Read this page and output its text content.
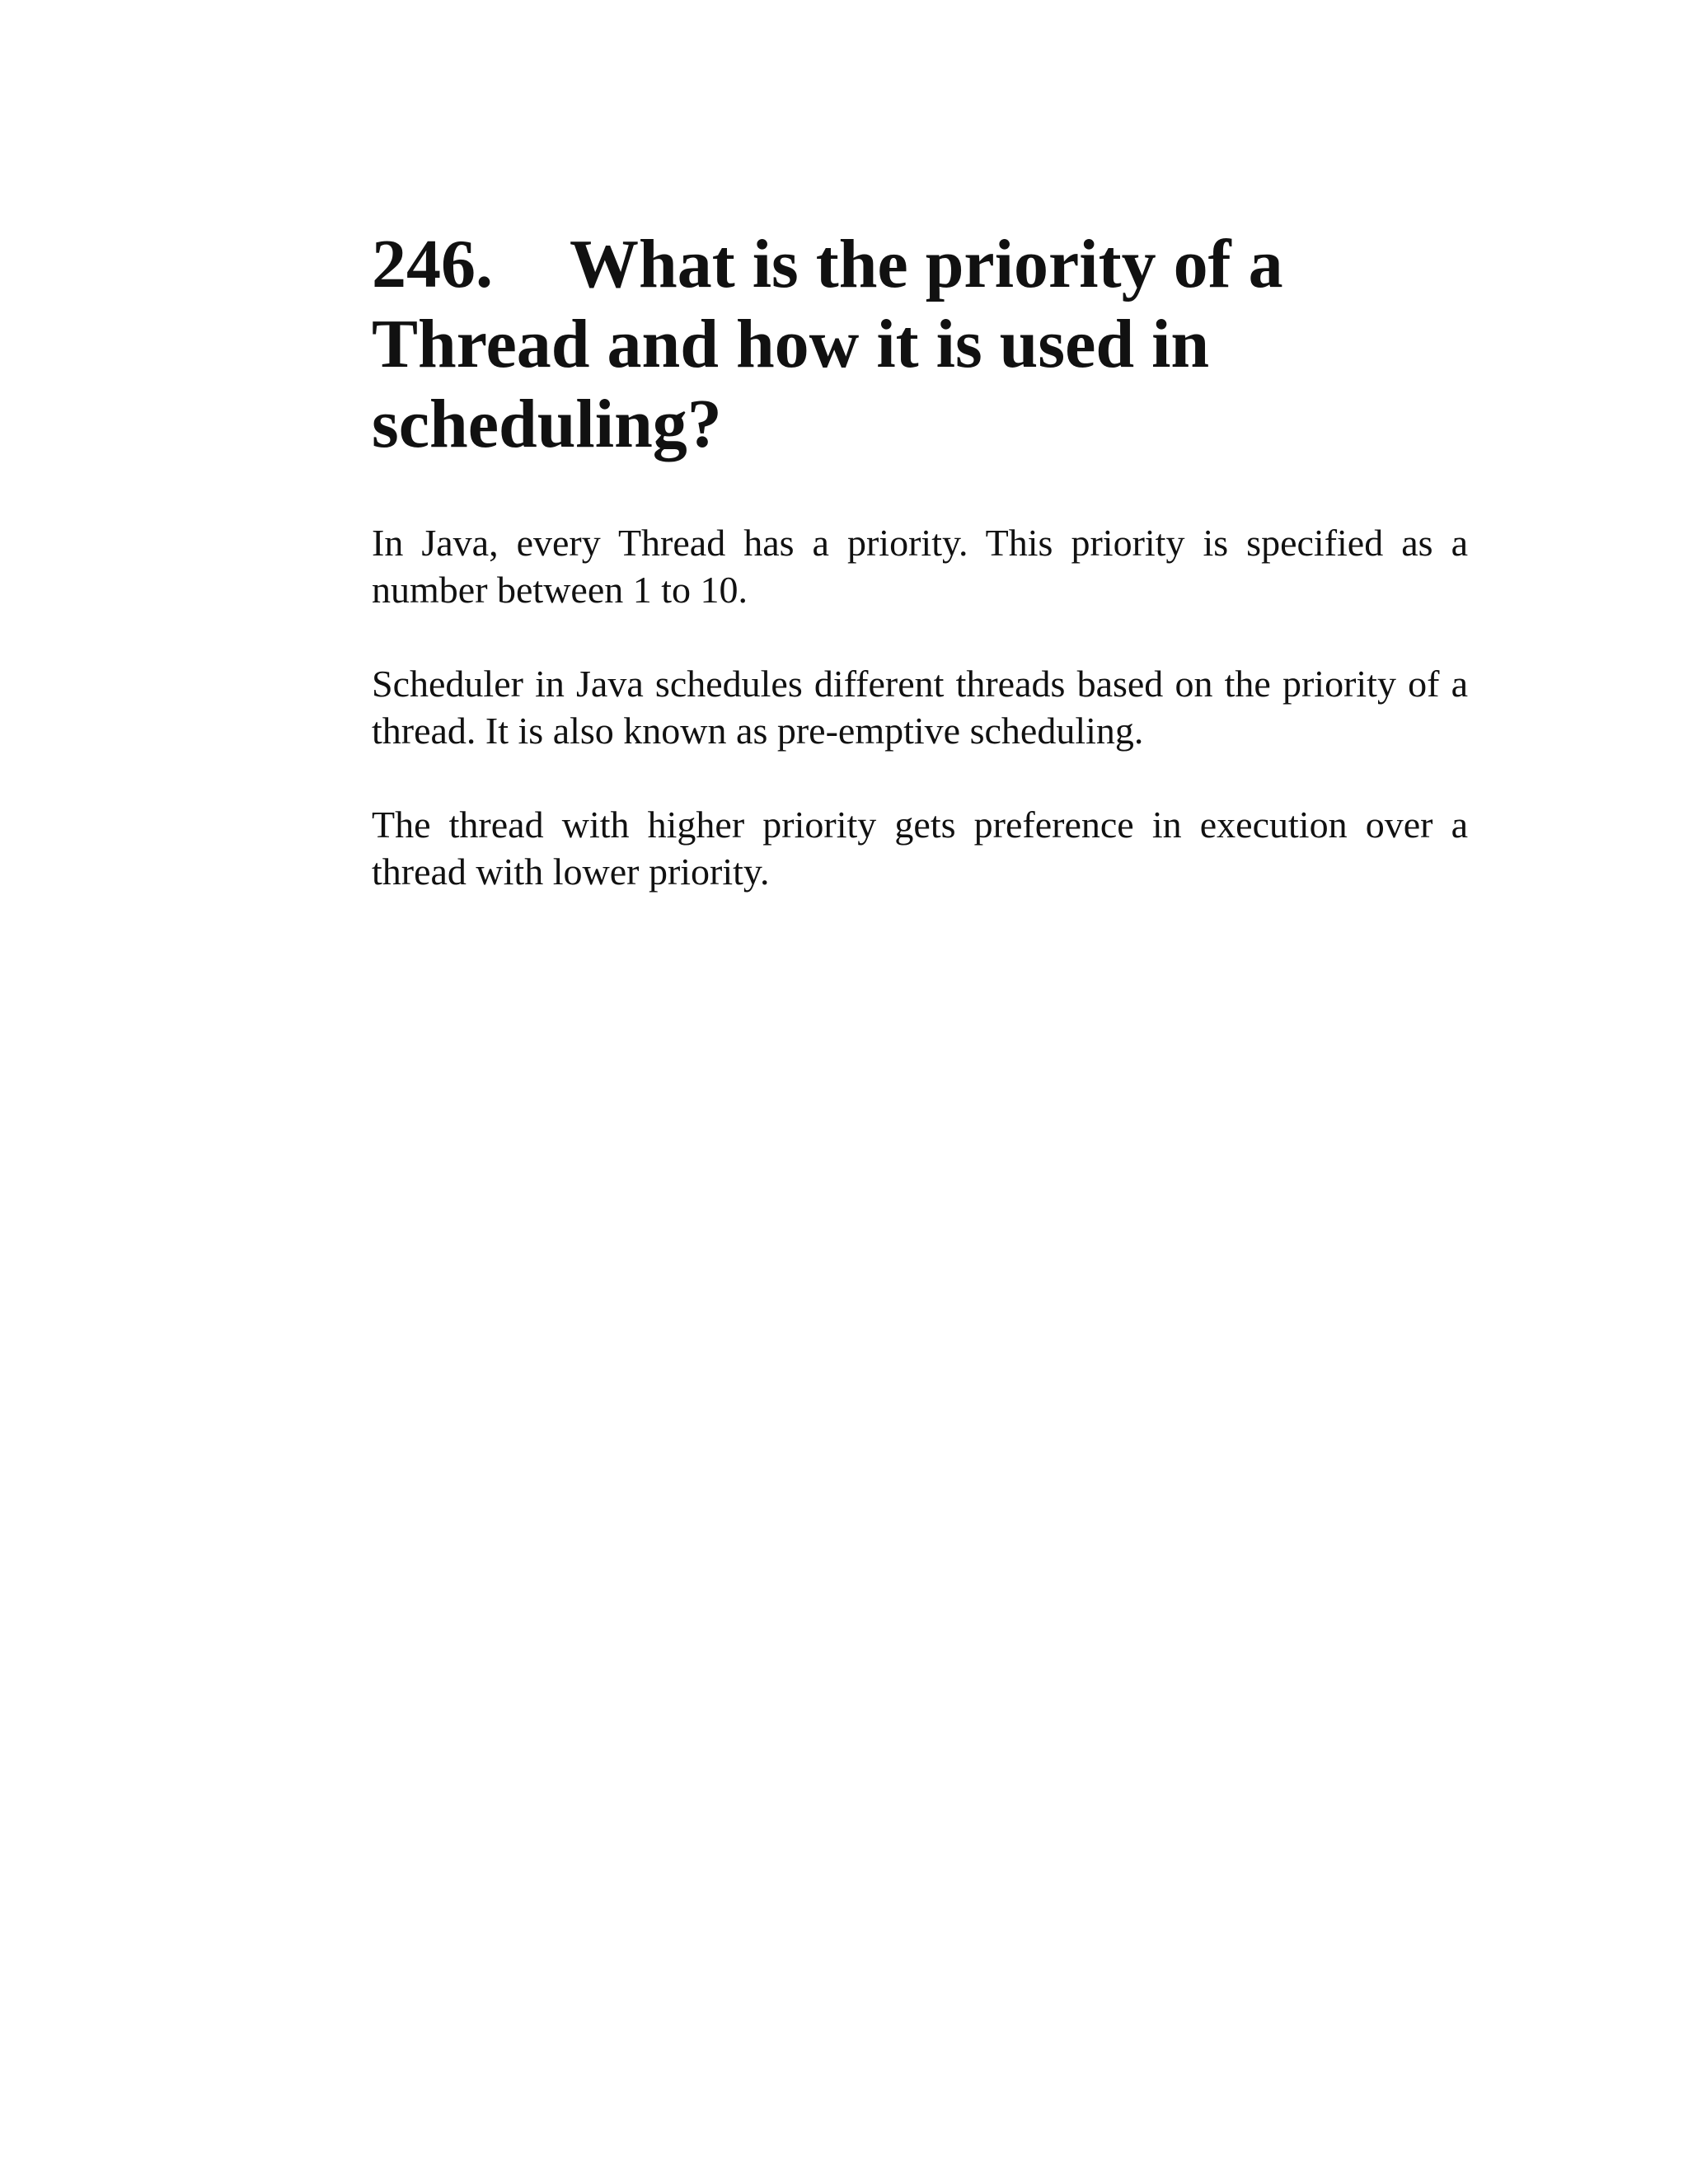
246. What is the priority of a Thread and how it is used in scheduling?

In Java, every Thread has a priority. This priority is specified as a number between 1 to 10.

Scheduler in Java schedules different threads based on the priority of a thread. It is also known as pre-emptive scheduling.

The thread with higher priority gets preference in execution over a thread with lower priority.
